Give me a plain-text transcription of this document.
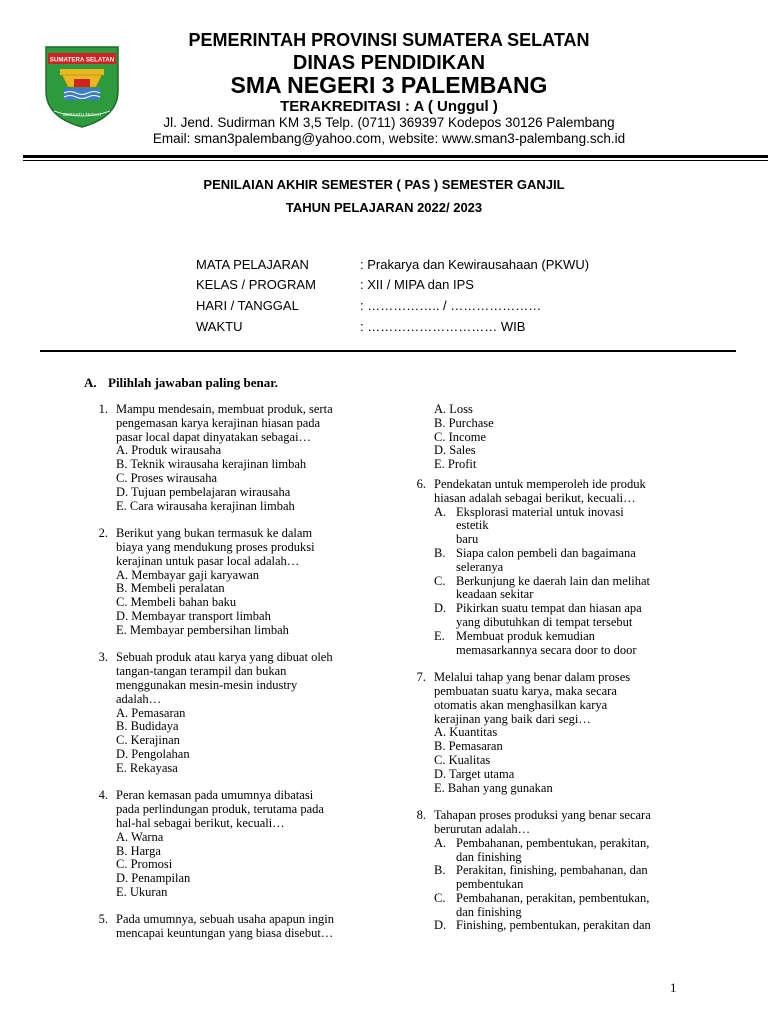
SUMATERA SELATAN
BERSATU TEGUH
PEMERINTAH PROVINSI SUMATERA SELATAN
DINAS PENDIDIKAN
SMA NEGERI 3 PALEMBANG
TERAKREDITASI : A ( Unggul )
Jl. Jend. Sudirman KM 3,5 Telp. (0711) 369397 Kodepos 30126 Palembang
Email: sman3palembang@yahoo.com, website: www.sman3-palembang.sch.id
PENILAIAN AKHIR SEMESTER ( PAS ) SEMESTER GANJIL
TAHUN PELAJARAN 2022/ 2023
MATA PELAJARAN	: Prakarya dan Kewirausahaan (PKWU)
KELAS / PROGRAM	: XII / MIPA dan IPS
HARI / TANGGAL	: …………….. / …………………
WAKTU	: ………………………… WIB
A. Pilihlah jawaban paling benar.
1. Mampu mendesain, membuat produk, serta
pengemasan karya kerajinan hiasan pada
pasar local dapat dinyatakan sebagai…
A. Produk wirausaha
B. Teknik wirausaha kerajinan limbah
C. Proses wirausaha
D. Tujuan pembelajaran wirausaha
E. Cara wirausaha kerajinan limbah
2. Berikut yang bukan termasuk ke dalam
biaya yang mendukung proses produksi
kerajinan untuk pasar local adalah…
A. Membayar gaji karyawan
B. Membeli peralatan
C. Membeli bahan baku
D. Membayar transport limbah
E. Membayar pembersihan limbah
3. Sebuah produk atau karya yang dibuat oleh
tangan-tangan terampil dan bukan
menggunakan mesin-mesin industry
adalah…
A. Pemasaran
B. Budidaya
C. Kerajinan
D. Pengolahan
E. Rekayasa
4. Peran kemasan pada umumnya dibatasi
pada perlindungan produk, terutama pada
hal-hal sebagai berikut, kecuali…
A. Warna
B. Harga
C. Promosi
D. Penampilan
E. Ukuran
5. Pada umumnya, sebuah usaha apapun ingin
mencapai keuntungan yang biasa disebut…
A. Loss
B. Purchase
C. Income
D. Sales
E. Profit
6. Pendekatan untuk memperoleh ide produk
hiasan adalah sebagai berikut, kecuali…
A. Eksplorasi material untuk inovasi
estetik
baru
B. Siapa calon pembeli dan bagaimana
seleranya
C. Berkunjung ke daerah lain dan melihat
keadaan sekitar
D. Pikirkan suatu tempat dan hiasan apa
yang dibutuhkan di tempat tersebut
E. Membuat produk kemudian
memasarkannya secara door to door
7. Melalui tahap yang benar dalam proses
pembuatan suatu karya, maka secara
otomatis akan menghasilkan karya
kerajinan yang baik dari segi…
A. Kuantitas
B. Pemasaran
C. Kualitas
D. Target utama
E. Bahan yang gunakan
8. Tahapan proses produksi yang benar secara
berurutan adalah…
A. Pembahanan, pembentukan, perakitan,
dan finishing
B. Perakitan, finishing, pembahanan, dan
pembentukan
C. Pembahanan, perakitan, pembentukan,
dan finishing
D. Finishing, pembentukan, perakitan dan
1
